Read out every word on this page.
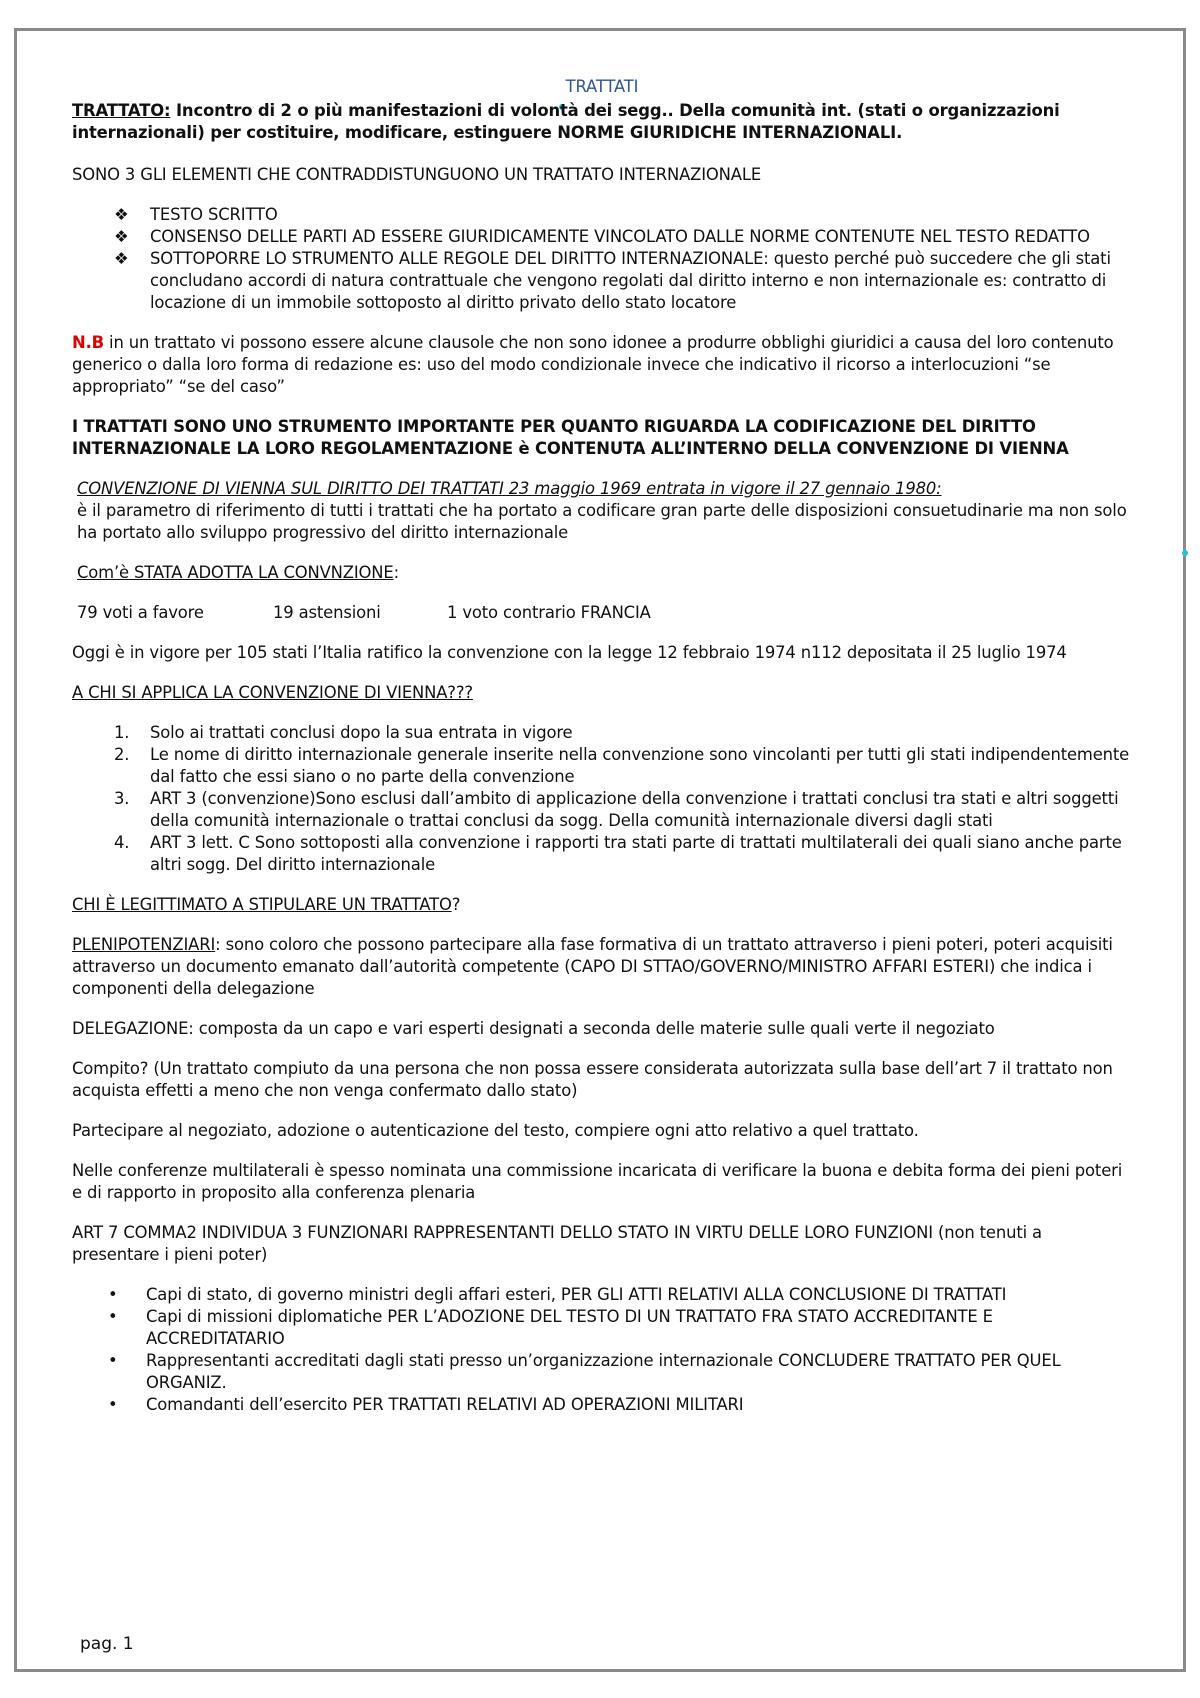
TRATTATI

TRATTATO: Incontro di 2 o più manifestazioni di volontà dei segg.. Della comunità int. (stati o organizzazioni internazionali) per costituire, modificare, estinguere NORME GIURIDICHE INTERNAZIONALI.

SONO 3 GLI ELEMENTI CHE CONTRADDISTUNGUONO UN TRATTATO INTERNAZIONALE

❖ TESTO SCRITTO
❖ CONSENSO DELLE PARTI AD ESSERE GIURIDICAMENTE VINCOLATO DALLE NORME CONTENUTE NEL TESTO REDATTO
❖ SOTTOPORRE LO STRUMENTO ALLE REGOLE DEL DIRITTO INTERNAZIONALE: questo perché può succedere che gli stati concludano accordi di natura contrattuale che vengono regolati dal diritto interno e non internazionale es: contratto di locazione di un immobile sottoposto al diritto privato dello stato locatore

N.B in un trattato vi possono essere alcune clausole che non sono idonee a produrre obblighi giuridici a causa del loro contenuto generico o dalla loro forma di redazione es: uso del modo condizionale invece che indicativo il ricorso a interlocuzioni “se appropriato” “se del caso”

I TRATTATI SONO UNO STRUMENTO IMPORTANTE PER QUANTO RIGUARDA LA CODIFICAZIONE DEL DIRITTO INTERNAZIONALE LA LORO REGOLAMENTAZIONE è CONTENUTA ALL’INTERNO DELLA CONVENZIONE DI VIENNA

CONVENZIONE DI VIENNA SUL DIRITTO DEI TRATTATI 23 maggio 1969 entrata in vigore il 27 gennaio 1980:

è il parametro di riferimento di tutti i trattati che ha portato a codificare gran parte delle disposizioni consuetudinarie ma non solo ha portato allo sviluppo progressivo del diritto internazionale

Com’è STATA ADOTTA LA CONVNZIONE:

79 voti a favore	19 astensioni	1 voto contrario FRANCIA

Oggi è in vigore per 105 stati l’Italia ratifico la convenzione con la legge 12 febbraio 1974 n112 depositata il 25 luglio 1974

A CHI SI APPLICA LA CONVENZIONE DI VIENNA???

1.	Solo ai trattati conclusi dopo la sua entrata in vigore
2.	Le nome di diritto internazionale generale inserite nella convenzione sono vincolanti per tutti gli stati indipendentemente dal fatto che essi siano o no parte della convenzione
3.	ART 3 (convenzione)Sono esclusi dall’ambito di applicazione della convenzione i trattati conclusi tra stati e altri soggetti della comunità internazionale o trattai conclusi da sogg. Della comunità internazionale diversi dagli stati
4.	ART 3 lett. C Sono sottoposti alla convenzione i rapporti tra stati parte di trattati multilaterali dei quali siano anche parte altri sogg. Del diritto internazionale

CHI È LEGITTIMATO A STIPULARE UN TRATTATO?

PLENIPOTENZIARI: sono coloro che possono partecipare alla fase formativa di un trattato attraverso i pieni poteri, poteri acquisiti attraverso un documento emanato dall’autorità competente (CAPO DI STTAO/GOVERNO/MINISTRO AFFARI ESTERI) che indica i componenti della delegazione

DELEGAZIONE: composta da un capo e vari esperti designati a seconda delle materie sulle quali verte il negoziato

Compito? (Un trattato compiuto da una persona che non possa essere considerata autorizzata sulla base dell’art 7 il trattato non acquista effetti a meno che non venga confermato dallo stato)

Partecipare al negoziato, adozione o autenticazione del testo, compiere ogni atto relativo a quel trattato.

Nelle conferenze multilaterali è spesso nominata una commissione incaricata di verificare la buona e debita forma dei pieni poteri e di rapporto in proposito alla conferenza plenaria

ART 7 COMMA2 INDIVIDUA 3 FUNZIONARI RAPPRESENTANTI DELLO STATO IN VIRTU DELLE LORO FUNZIONI (non tenuti a presentare i pieni poter)

• Capi di stato, di governo ministri degli affari esteri, PER GLI ATTI RELATIVI ALLA CONCLUSIONE DI TRATTATI
• Capi di missioni diplomatiche PER L’ADOZIONE DEL TESTO DI UN TRATTATO FRA STATO ACCREDITANTE E ACCREDITATARIO
• Rappresentanti accreditati dagli stati presso un’organizzazione internazionale CONCLUDERE TRATTATO PER QUEL ORGANIZ.
• Comandanti dell’esercito PER TRATTATI RELATIVI AD OPERAZIONI MILITARI
pag. 1
